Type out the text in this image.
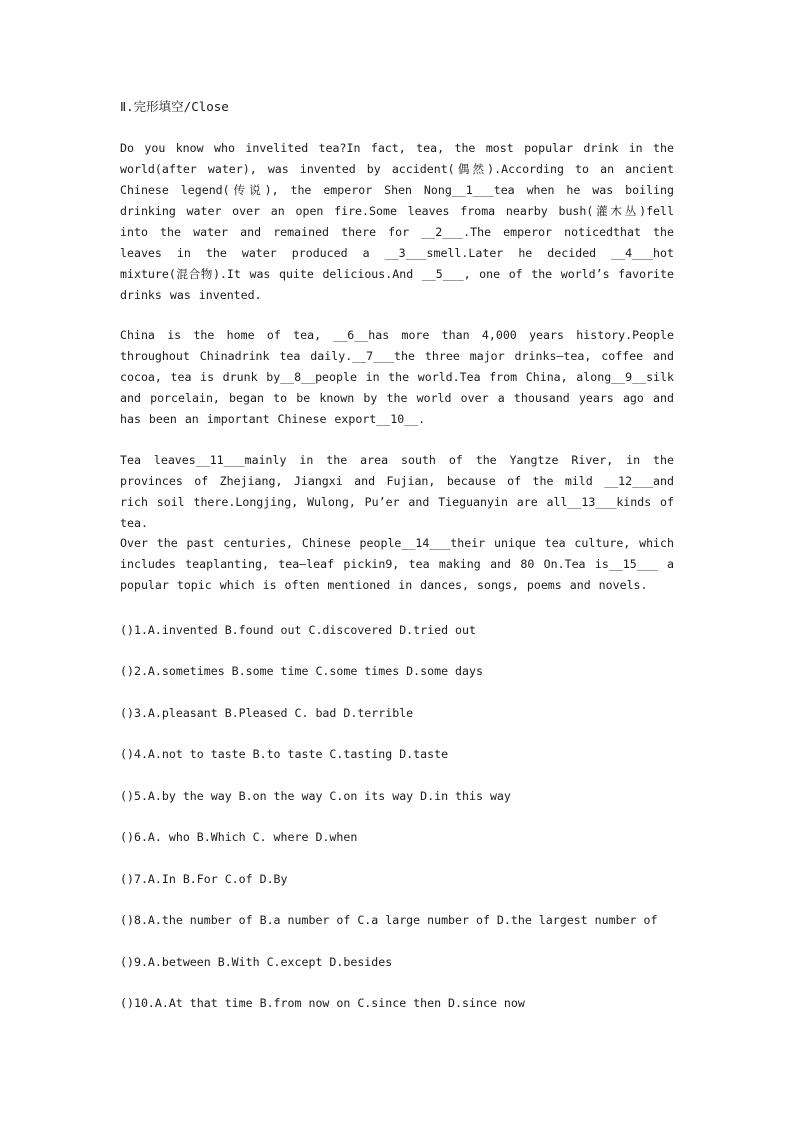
Ⅱ.完形填空/Close

Do you know who invelited tea?In fact, tea, the most popular drink in the world(after water), was invented by accident(偶然).According to an ancient Chinese legend(传说), the emperor Shen Nong__1___tea when he was boiling drinking water over an open fire.Some leaves froma nearby bush(灌木丛)fell into the water and remained there for __2___.The emperor noticedthat the leaves in the water produced a __3___smell.Later he decided __4___hot mixture(混合物).It was quite delicious.And __5___, one of the world’s favorite drinks was invented.

China is the home of tea, __6__has more than 4,000 years history.People throughout Chinadrink tea daily.__7___the three major drinks—tea, coffee and cocoa, tea is drunk by__8__people in the world.Tea from China, along__9__silk and porcelain, began to be known by the world over a thousand years ago and has been an important Chinese export__10__.

Tea leaves__11___mainly in the area south of the Yangtze River, in the provinces of Zhejiang, Jiangxi and Fujian, because of the mild __12___and rich soil there.Longjing, Wulong, Pu’er and Tieguanyin are all__13___kinds of tea.

Over the past centuries, Chinese people__14___their unique tea culture, which includes teaplanting, tea—leaf pickin9, tea making and 80 On.Tea is__15___ a popular topic which is often mentioned in dances, songs, poems and novels.

()1.A.invented B.found out C.discovered D.tried out
()2.A.sometimes B.some time C.some times D.some days
()3.A.pleasant B.Pleased C. bad D.terrible
()4.A.not to taste B.to taste C.tasting D.taste
()5.A.by the way B.on the way C.on its way D.in this way
()6.A. who B.Which C. where D.when
()7.A.In B.For C.of D.By
()8.A.the number of B.a number of C.a large number of D.the largest number of
()9.A.between B.With C.except D.besides
()10.A.At that time B.from now on C.since then D.since now
